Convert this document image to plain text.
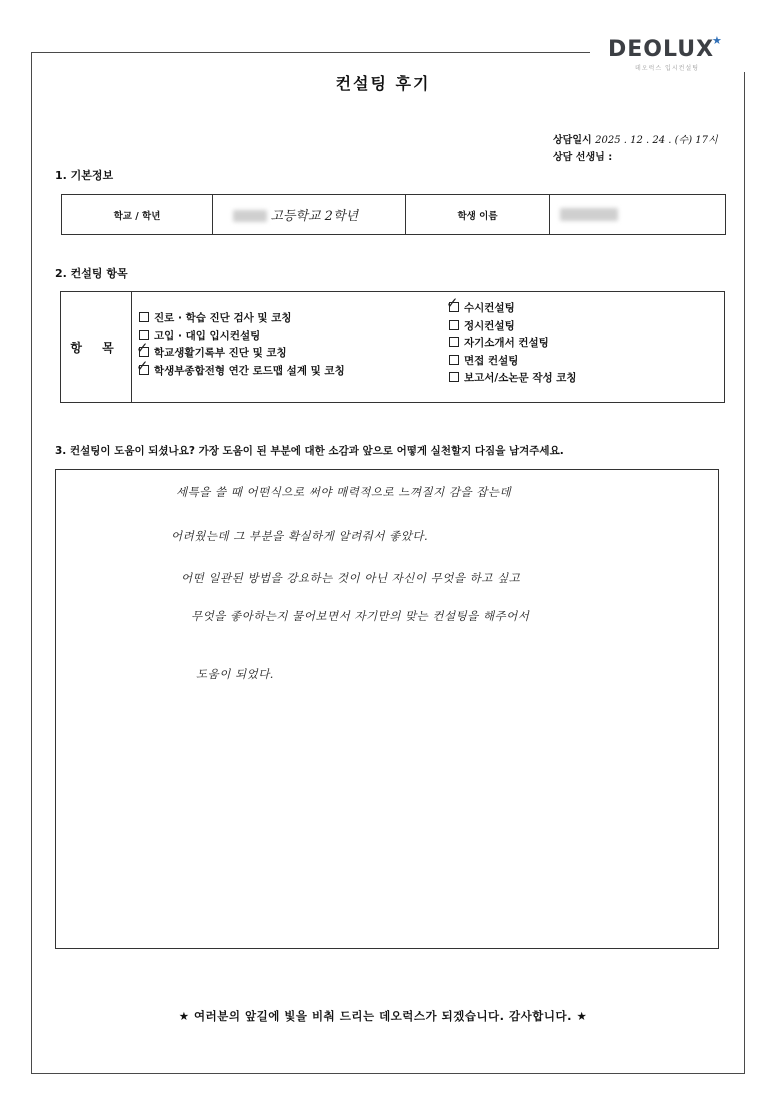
DEOLUX
데오럭스 입시컨설팅
★
컨설팅 후기
상담일시 2025 . 12 . 24 . (수) 17시
상담 선생님 :
1. 기본정보
학교 / 학년	고등학교 2학년	학생 이름	
2. 컨설팅 항목
항 목
진로 · 학습 진단 검사 및 코칭
고입 · 대입 입시컨설팅
✓ 학교생활기록부 진단 및 코칭
✓ 학생부종합전형 연간 로드맵 설계 및 코칭
✓ 수시컨설팅
정시컨설팅
자기소개서 컨설팅
면접 컨설팅
보고서/소논문 작성 코칭
3. 컨설팅이 도움이 되셨나요? 가장 도움이 된 부분에 대한 소감과 앞으로 어떻게 실천할지 다짐을 남겨주세요.
세특을 쓸 때 어떤식으로 써야 매력적으로 느껴질지 감을 잡는데
어려웠는데 그 부분을 확실하게 알려줘서 좋았다.
어떤 일관된 방법을 강요하는 것이 아닌 자신이 무엇을 하고 싶고
무엇을 좋아하는지 물어보면서 자기만의 맞는 컨설팅을 해주어서
도움이 되었다.
★ 여러분의 앞길에 빛을 비춰 드리는 데오럭스가 되겠습니다. 감사합니다. ★
